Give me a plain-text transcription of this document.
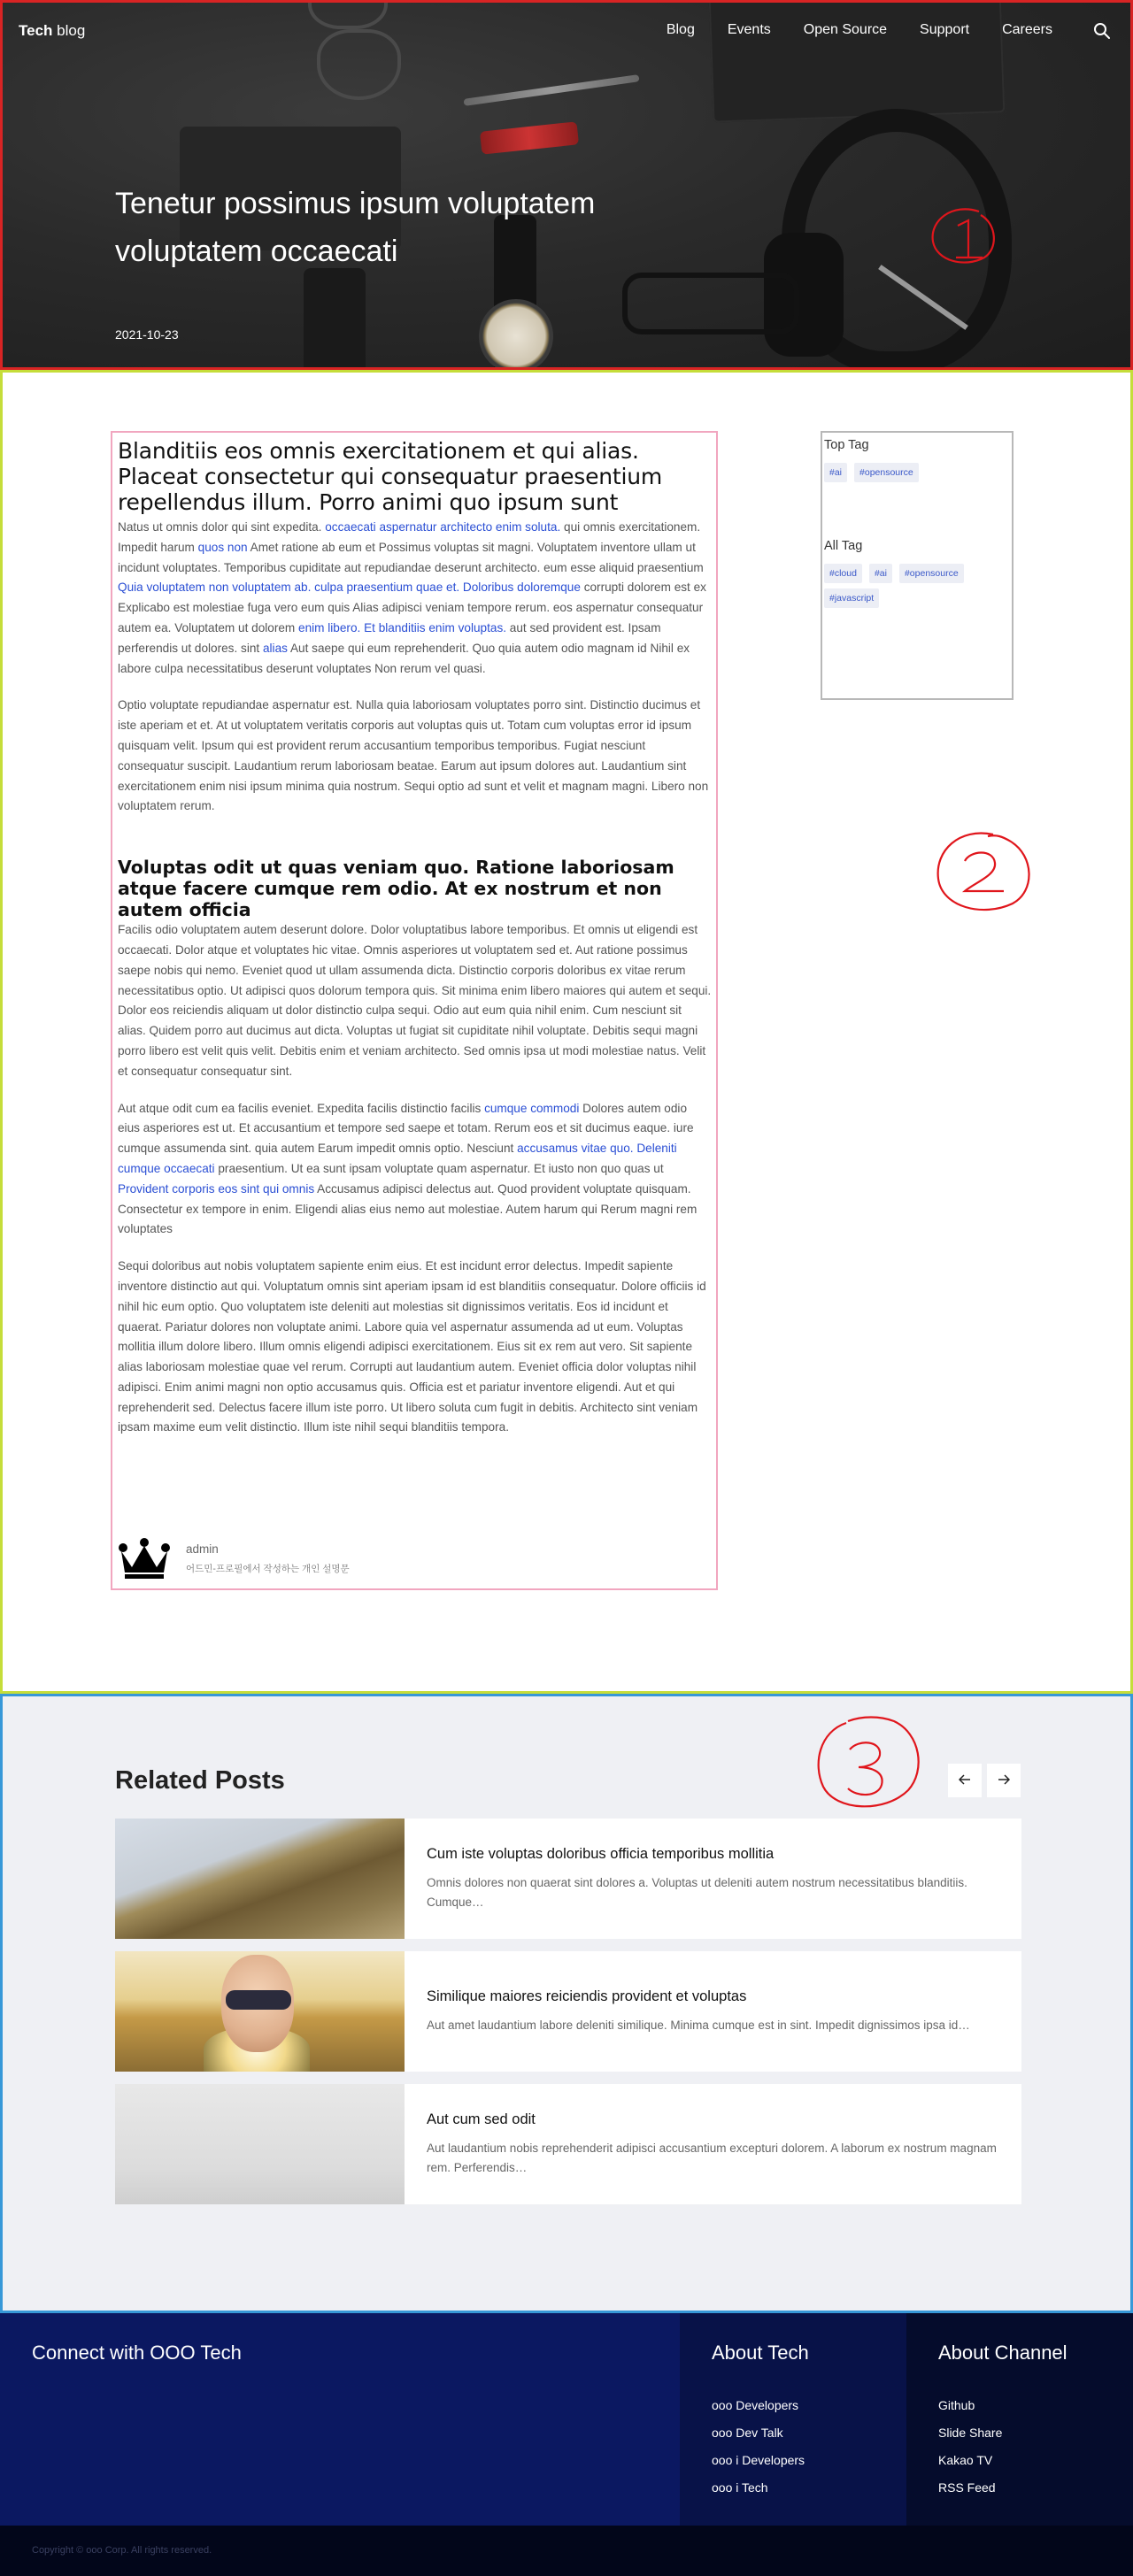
Tech blog	Blog Events Open Source Support Careers
Tenetur possimus ipsum voluptatem voluptatem occaecati
2021-10-23
Blanditiis eos omnis exercitationem et qui alias. Placeat consectetur qui consequatur praesentium repellendus illum. Porro animi quo ipsum sunt

Natus ut omnis dolor qui sint expedita. occaecati aspernatur architecto enim soluta. qui omnis exercitationem. Impedit harum quos non Amet ratione ab eum et Possimus voluptas sit magni. Voluptatem inventore ullam ut incidunt voluptates. Temporibus cupiditate aut repudiandae deserunt architecto. eum esse aliquid praesentium Quia voluptatem non voluptatem ab. culpa praesentium quae et. Doloribus doloremque corrupti dolorem est ex Explicabo est molestiae fuga vero eum quis Alias adipisci veniam tempore rerum. eos aspernatur consequatur autem ea. Voluptatem ut dolorem enim libero. Et blanditiis enim voluptas. aut sed provident est. Ipsam perferendis ut dolores. sint alias Aut saepe qui eum reprehenderit. Quo quia autem odio magnam id Nihil ex labore culpa necessitatibus deserunt voluptates Non rerum vel quasi.

Optio voluptate repudiandae aspernatur est. Nulla quia laboriosam voluptates porro sint. Distinctio ducimus et iste aperiam et et. At ut voluptatem veritatis corporis aut voluptas quis ut. Totam cum voluptas error id ipsum quisquam velit. Ipsum qui est provident rerum accusantium temporibus temporibus. Fugiat nesciunt consequatur suscipit. Laudantium rerum laboriosam beatae. Earum aut ipsum dolores aut. Laudantium sint exercitationem enim nisi ipsum minima quia nostrum. Sequi optio ad sunt et velit et magnam magni. Libero non voluptatem rerum.

Voluptas odit ut quas veniam quo. Ratione laboriosam atque facere cumque rem odio. At ex nostrum et non autem officia

Facilis odio voluptatem autem deserunt dolore. Dolor voluptatibus labore temporibus. Et omnis ut eligendi est occaecati. Dolor atque et voluptates hic vitae. Omnis asperiores ut voluptatem sed et. Aut ratione possimus saepe nobis qui nemo. Eveniet quod ut ullam assumenda dicta. Distinctio corporis doloribus ex vitae rerum necessitatibus optio. Ut adipisci quos dolorum tempora quis. Sit minima enim libero maiores qui autem et sequi. Dolor eos reiciendis aliquam ut dolor distinctio culpa sequi. Odio aut eum quia nihil enim. Cum nesciunt sit alias. Quidem porro aut ducimus aut dicta. Voluptas ut fugiat sit cupiditate nihil voluptate. Debitis sequi magni porro libero est velit quis velit. Debitis enim et veniam architecto. Sed omnis ipsa ut modi molestiae natus. Velit et consequatur consequatur sint.

Aut atque odit cum ea facilis eveniet. Expedita facilis distinctio facilis cumque commodi Dolores autem odio eius asperiores est ut. Et accusantium et tempore sed saepe et totam. Rerum eos et sit ducimus eaque. iure cumque assumenda sint. quia autem Earum impedit omnis optio. Nesciunt accusamus vitae quo. Deleniti cumque occaecati praesentium. Ut ea sunt ipsam voluptate quam aspernatur. Et iusto non quo quas ut Provident corporis eos sint qui omnis Accusamus adipisci delectus aut. Quod provident voluptate quisquam. Consectetur ex tempore in enim. Eligendi alias eius nemo aut molestiae. Autem harum qui Rerum magni rem voluptates

Sequi doloribus aut nobis voluptatem sapiente enim eius. Et est incidunt error delectus. Impedit sapiente inventore distinctio aut qui. Voluptatum omnis sint aperiam ipsam id est blanditiis consequatur. Dolore officiis id nihil hic eum optio. Quo voluptatem iste deleniti aut molestias sit dignissimos veritatis. Eos id incidunt et quaerat. Pariatur dolores non voluptate animi. Labore quia vel aspernatur assumenda ad ut eum. Voluptas mollitia illum dolore libero. Illum omnis eligendi adipisci exercitationem. Eius sit ex rem aut vero. Sit sapiente alias laboriosam molestiae quae vel rerum. Corrupti aut laudantium autem. Eveniet officia dolor voluptas nihil adipisci. Enim animi magni non optio accusamus quis. Officia est et pariatur inventore eligendi. Aut et qui reprehenderit sed. Delectus facere illum iste porro. Ut libero soluta cum fugit in debitis. Architecto sint veniam ipsam maxime eum velit distinctio. Illum iste nihil sequi blanditiis tempora.

admin
어드민-프로필에서 작성하는 개인 설명문
Top Tag
#ai	#opensource
All Tag
#cloud	#ai	#opensource
#javascript
Related Posts
Cum iste voluptas doloribus officia temporibus mollitia
Omnis dolores non quaerat sint dolores a. Voluptas ut deleniti autem nostrum necessitatibus blanditiis. Cumque…
Similique maiores reiciendis provident et voluptas
Aut amet laudantium labore deleniti similique. Minima cumque est in sint. Impedit dignissimos ipsa id…
Aut cum sed odit
Aut laudantium nobis reprehenderit adipisci accusantium excepturi dolorem. A laborum ex nostrum magnam rem. Perferendis…
Connect with OOO Tech	About Tech
ooo Developers
ooo Dev Talk
ooo i Developers
ooo i Tech
About Channel
Github
Slide Share
Kakao TV
RSS Feed
Copyright © ooo Corp. All rights reserved.
